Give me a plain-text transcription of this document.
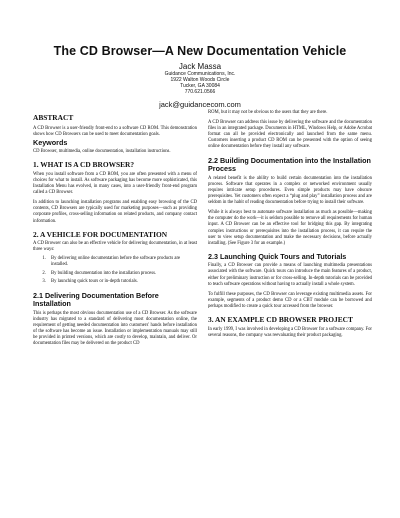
The CD Browser—A New Documentation Vehicle
Jack Massa
Guidance Communications, Inc.
1922 Walton Woods Circle
Tucker, GA 30084
770.621.0566
jack@guidancecom.com
ABSTRACT

A CD Browser is a user-friendly front-end to a software CD ROM. This demonstration shows how CD Browsers can be used to meet documentation goals.

Keywords

CD Browser, multimedia, online documentation, installation instructions.

1. WHAT IS A CD BROWSER?

When you install software from a CD ROM, you are often presented with a menu of choices for what to install. As software packaging has become more sophisticated, this Installation Menu has evolved, in many cases, into a user-friendly front-end program called a CD Browser.

In addition to launching installation programs and enabling easy browsing of the CD contents, CD Browsers are typically used for marketing purposes—such as providing corporate profiles, cross-selling information on related products, and company contact information.

2. A VEHICLE FOR DOCUMENTATION

A CD Browser can also be an effective vehicle for delivering documentation, in at least three ways:

1. By delivering online documentation before the software products are installed.
2. By building documentation into the installation process.
3. By launching quick tours or in-depth tutorials.
2.1 Delivering Documentation Before Installation

This is perhaps the most obvious documentation use of a CD Browser. As the software industry has migrated to a standard of delivering most documentation online, the requirement of getting needed documentation into customers' hands before installation of the software has become an issue. Installation or implementation manuals may still be provided in printed versions, which are costly to develop, maintain, and deliver. Or documentation files may be delivered on the product CD

ROM, but it may not be obvious to the users that they are there.

A CD Browser can address this issue by delivering the software and the documentation files in an integrated package. Documents in HTML, Windows Help, or Adobe Acrobat format can all be provided electronically and launched from the same menu. Customers inserting a product CD ROM can be presented with the option of seeing online documentation before they install any software.

2.2 Building Documentation into the Installation Process

A related benefit is the ability to build certain documentation into the installation process. Software that operates in a complex or networked environment usually requires intricate setup procedures. Even simple products may have obscure prerequisites. Yet customers often expect a “plug and play” installation process and are seldom in the habit of reading documentation before trying to install their software.

While it is always best to automate software installation as much as possible—making the computer do the work—it is seldom possible to remove all requirements for human input. A CD Browser can be an effective tool for bridging this gap. By integrating complex instructions or prerequisites into the installation process, it can require the user to view setup documentation and make the necessary decisions, before actually installing. (See Figure 3 for an example.)

2.3 Launching Quick Tours and Tutorials

Finally, a CD Browser can provide a means of launching multimedia presentations associated with the software. Quick tours can introduce the main features of a product, either for preliminary instruction or for cross-selling. In-depth tutorials can be provided to teach software operations without having to actually install a whole system.

To fulfill these purposes, the CD Browser can leverage existing multimedia assets. For example, segments of a product demo CD or a CBT module can be borrowed and perhaps modified to create a quick tour accessed from the browser.

3. AN EXAMPLE CD BROWSER PROJECT

In early 1999, I was involved in developing a CD Browser for a software company. For several reasons, the company was reevaluating their product packaging.
